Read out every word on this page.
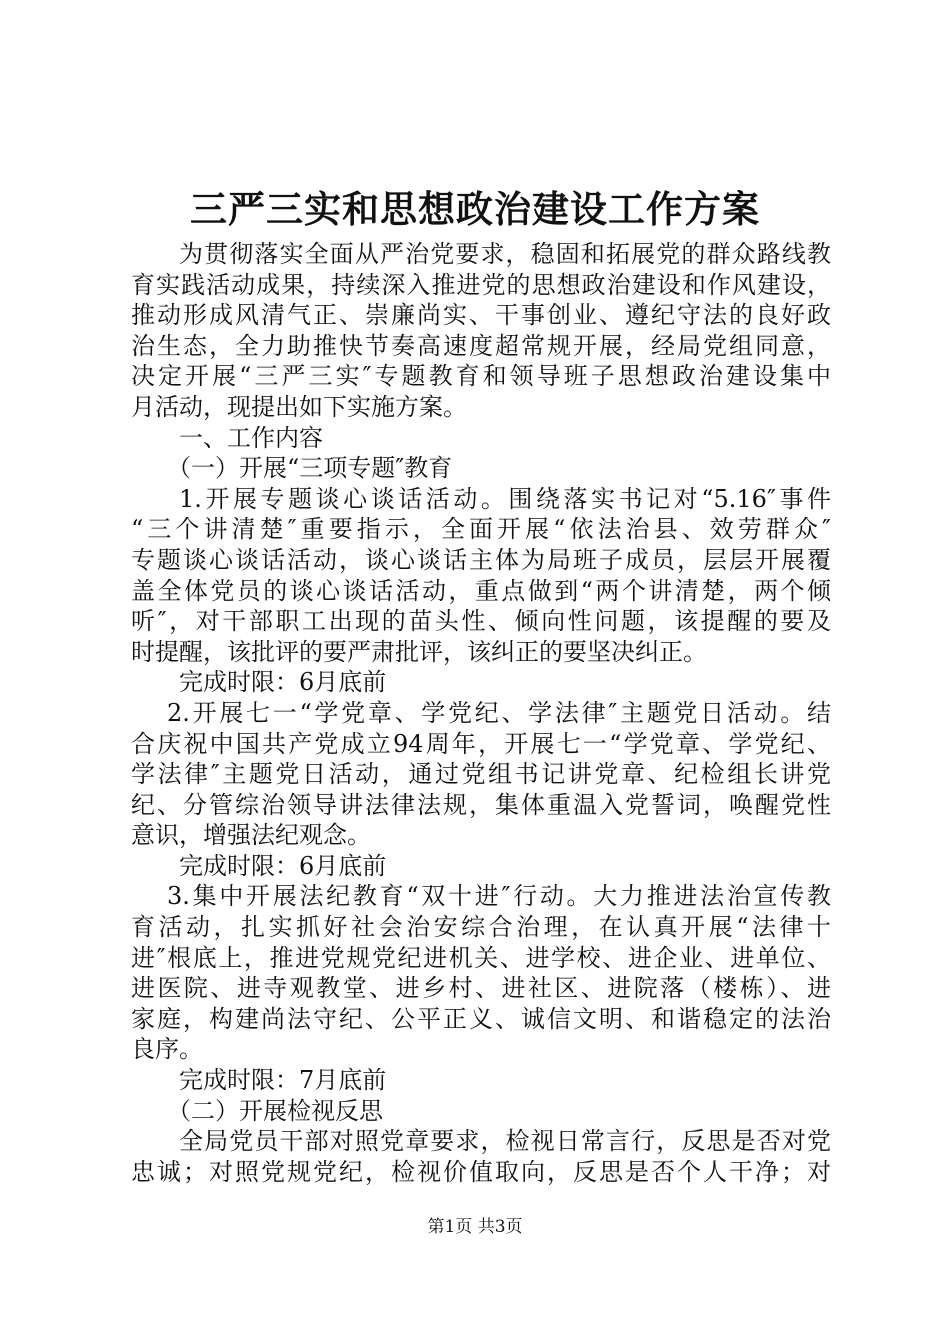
三严三实和思想政治建设工作方案
为贯彻落实全面从严治党要求，稳固和拓展党的群众路线教
育实践活动成果，持续深入推进党的思想政治建设和作风建设，
推动形成风清气正、崇廉尚实、干事创业、遵纪守法的良好政
治生态，全力助推快节奏高速度超常规开展，经局党组同意，
决定开展“三严三实″专题教育和领导班子思想政治建设集中
月活动，现提出如下实施方案。
一、工作内容
（一）开展“三项专题″教育
1.开展专题谈心谈话活动。围绕落实书记对“5.16″事件
“三个讲清楚″重要指示，全面开展“依法治县、效劳群众″
专题谈心谈话活动，谈心谈话主体为局班子成员，层层开展覆
盖全体党员的谈心谈话活动，重点做到“两个讲清楚，两个倾
听″，对干部职工出现的苗头性、倾向性问题，该提醒的要及
时提醒，该批评的要严肃批评，该纠正的要坚决纠正。
完成时限：6月底前
2.开展七一“学党章、学党纪、学法律″主题党日活动。结
合庆祝中国共产党成立94周年，开展七一“学党章、学党纪、
学法律″主题党日活动，通过党组书记讲党章、纪检组长讲党
纪、分管综治领导讲法律法规，集体重温入党誓词，唤醒党性
意识，增强法纪观念。
完成时限：6月底前
3.集中开展法纪教育“双十进″行动。大力推进法治宣传教
育活动，扎实抓好社会治安综合治理，在认真开展“法律十
进″根底上，推进党规党纪进机关、进学校、进企业、进单位、
进医院、进寺观教堂、进乡村、进社区、进院落（楼栋）、进
家庭，构建尚法守纪、公平正义、诚信文明、和谐稳定的法治
良序。
完成时限：7月底前
（二）开展检视反思
全局党员干部对照党章要求，检视日常言行，反思是否对党
忠诚；对照党规党纪，检视价值取向，反思是否个人干净；对
第1页 共3页
